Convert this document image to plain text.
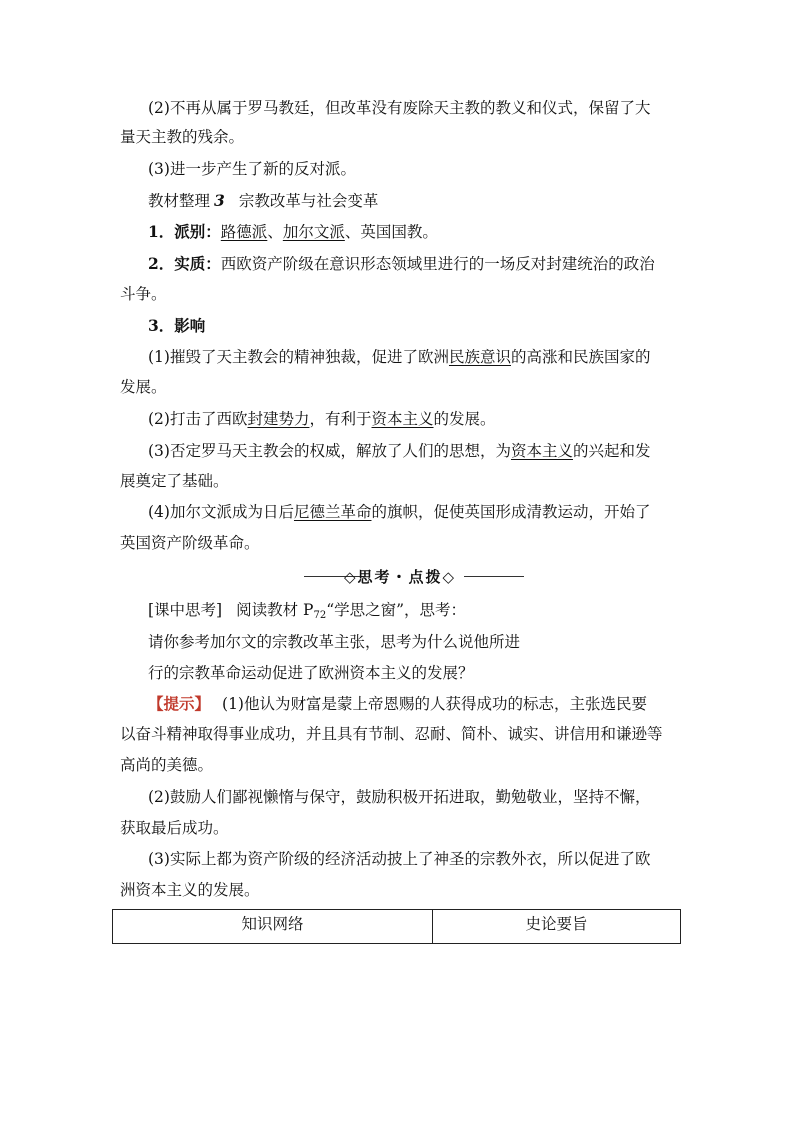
(2)不再从属于罗马教廷，但改革没有废除天主教的教义和仪式，保留了大
量天主教的残余。
(3)进一步产生了新的反对派。
教材整理 3 宗教改革与社会变革
1．派别：路德派、加尔文派、英国国教。
2．实质：西欧资产阶级在意识形态领域里进行的一场反对封建统治的政治
斗争。
3．影响
(1)摧毁了天主教会的精神独裁，促进了欧洲民族意识的高涨和民族国家的
发展。
(2)打击了西欧封建势力，有利于资本主义的发展。
(3)否定罗马天主教会的权威，解放了人们的思想，为资本主义的兴起和发
展奠定了基础。
(4)加尔文派成为日后尼德兰革命的旗帜，促使英国形成清教运动，开始了
英国资产阶级革命。
◇思考・点拨◇
[课中思考] 阅读教材 $P_{72}“$学思之窗”，思考：
请你参考加尔文的宗教改革主张，思考为什么说他所进
行的宗教革命运动促进了欧洲资本主义的发展？
【提示】 (1)他认为财富是蒙上帝恩赐的人获得成功的标志，主张选民要
以奋斗精神取得事业成功，并且具有节制、忍耐、简朴、诚实、讲信用和谦逊等
高尚的美德。
(2)鼓励人们鄙视懒惰与保守，鼓励积极开拓进取，勤勉敬业，坚持不懈，
获取最后成功。
(3)实际上都为资产阶级的经济活动披上了神圣的宗教外衣，所以促进了欧
洲资本主义的发展。
知识网络	史论要旨
